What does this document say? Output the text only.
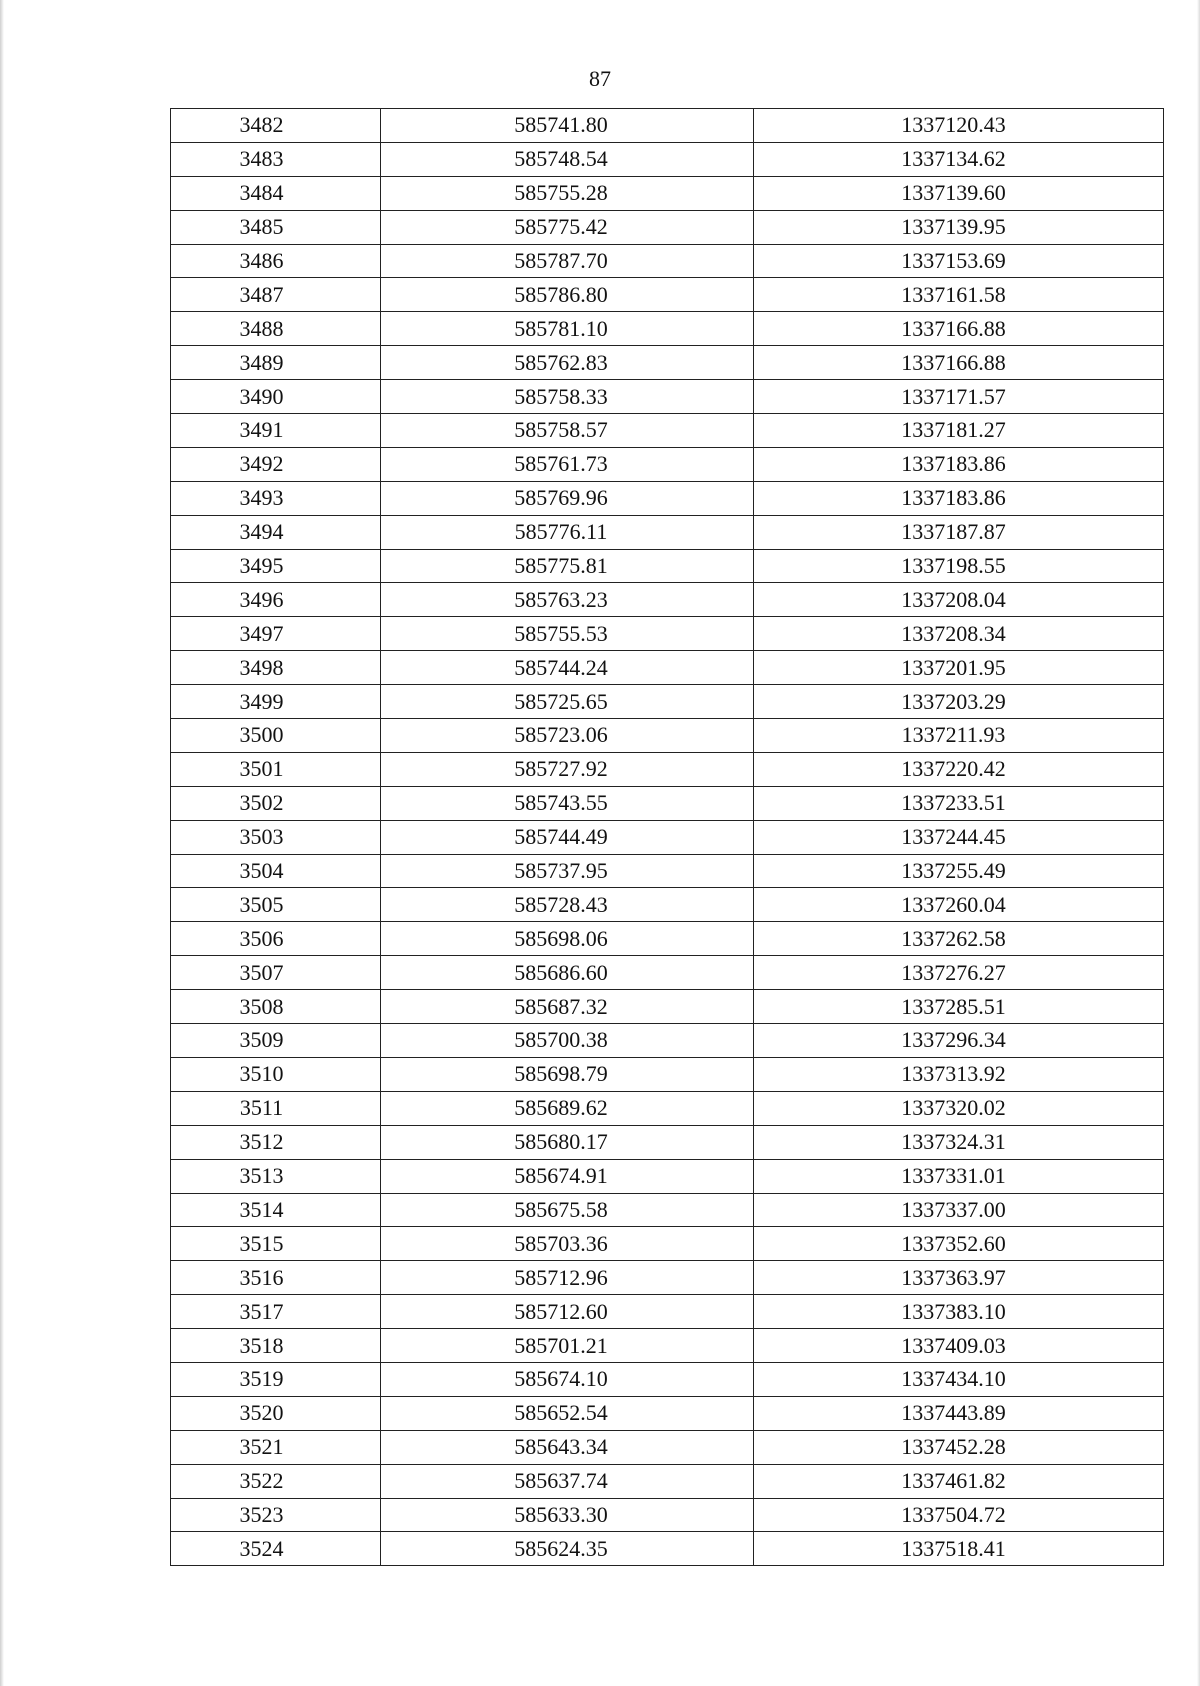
87
3482	585741.80	1337120.43
3483	585748.54	1337134.62
3484	585755.28	1337139.60
3485	585775.42	1337139.95
3486	585787.70	1337153.69
3487	585786.80	1337161.58
3488	585781.10	1337166.88
3489	585762.83	1337166.88
3490	585758.33	1337171.57
3491	585758.57	1337181.27
3492	585761.73	1337183.86
3493	585769.96	1337183.86
3494	585776.11	1337187.87
3495	585775.81	1337198.55
3496	585763.23	1337208.04
3497	585755.53	1337208.34
3498	585744.24	1337201.95
3499	585725.65	1337203.29
3500	585723.06	1337211.93
3501	585727.92	1337220.42
3502	585743.55	1337233.51
3503	585744.49	1337244.45
3504	585737.95	1337255.49
3505	585728.43	1337260.04
3506	585698.06	1337262.58
3507	585686.60	1337276.27
3508	585687.32	1337285.51
3509	585700.38	1337296.34
3510	585698.79	1337313.92
3511	585689.62	1337320.02
3512	585680.17	1337324.31
3513	585674.91	1337331.01
3514	585675.58	1337337.00
3515	585703.36	1337352.60
3516	585712.96	1337363.97
3517	585712.60	1337383.10
3518	585701.21	1337409.03
3519	585674.10	1337434.10
3520	585652.54	1337443.89
3521	585643.34	1337452.28
3522	585637.74	1337461.82
3523	585633.30	1337504.72
3524	585624.35	1337518.41
